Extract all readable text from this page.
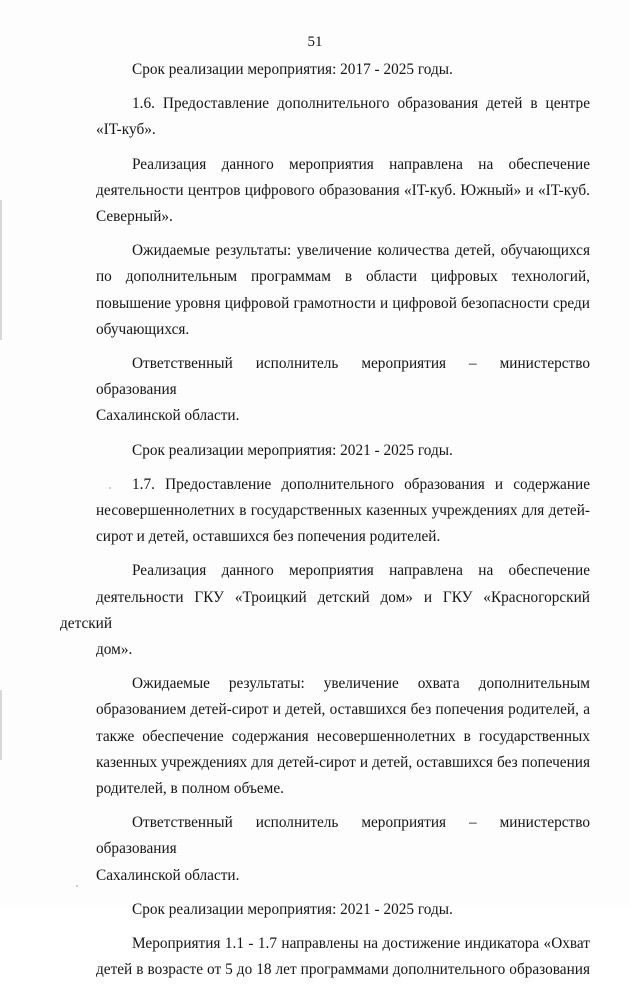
51

Срок реализации мероприятия: 2017 - 2025 годы.

1.6. Предоставление дополнительного образования детей в центре
«IT-куб».

Реализация данного мероприятия направлена на обеспечение
деятельности центров цифрового образования «IT-куб. Южный» и «IT-куб.
Северный».

Ожидаемые результаты: увеличение количества детей, обучающихся
по дополнительным программам в области цифровых технологий,
повышение уровня цифровой грамотности и цифровой безопасности среди
обучающихся.

Ответственный исполнитель мероприятия – министерство образования
Сахалинской области.

Срок реализации мероприятия: 2021 - 2025 годы.

1.7. Предоставление дополнительного образования и содержание
несовершеннолетних в государственных казенных учреждениях для детей-
сирот и детей, оставшихся без попечения родителей.

Реализация данного мероприятия направлена на обеспечение
деятельности ГКУ «Троицкий детский дом» и ГКУ «Красногорский детский
дом».

Ожидаемые результаты: увеличение охвата дополнительным
образованием детей-сирот и детей, оставшихся без попечения родителей, а
также обеспечение содержания несовершеннолетних в государственных
казенных учреждениях для детей-сирот и детей, оставшихся без попечения
родителей, в полном объеме.

Ответственный исполнитель мероприятия – министерство образования
Сахалинской области.

Срок реализации мероприятия: 2021 - 2025 годы.

Мероприятия 1.1 - 1.7 направлены на достижение индикатора «Охват
детей в возрасте от 5 до 18 лет программами дополнительного образования
